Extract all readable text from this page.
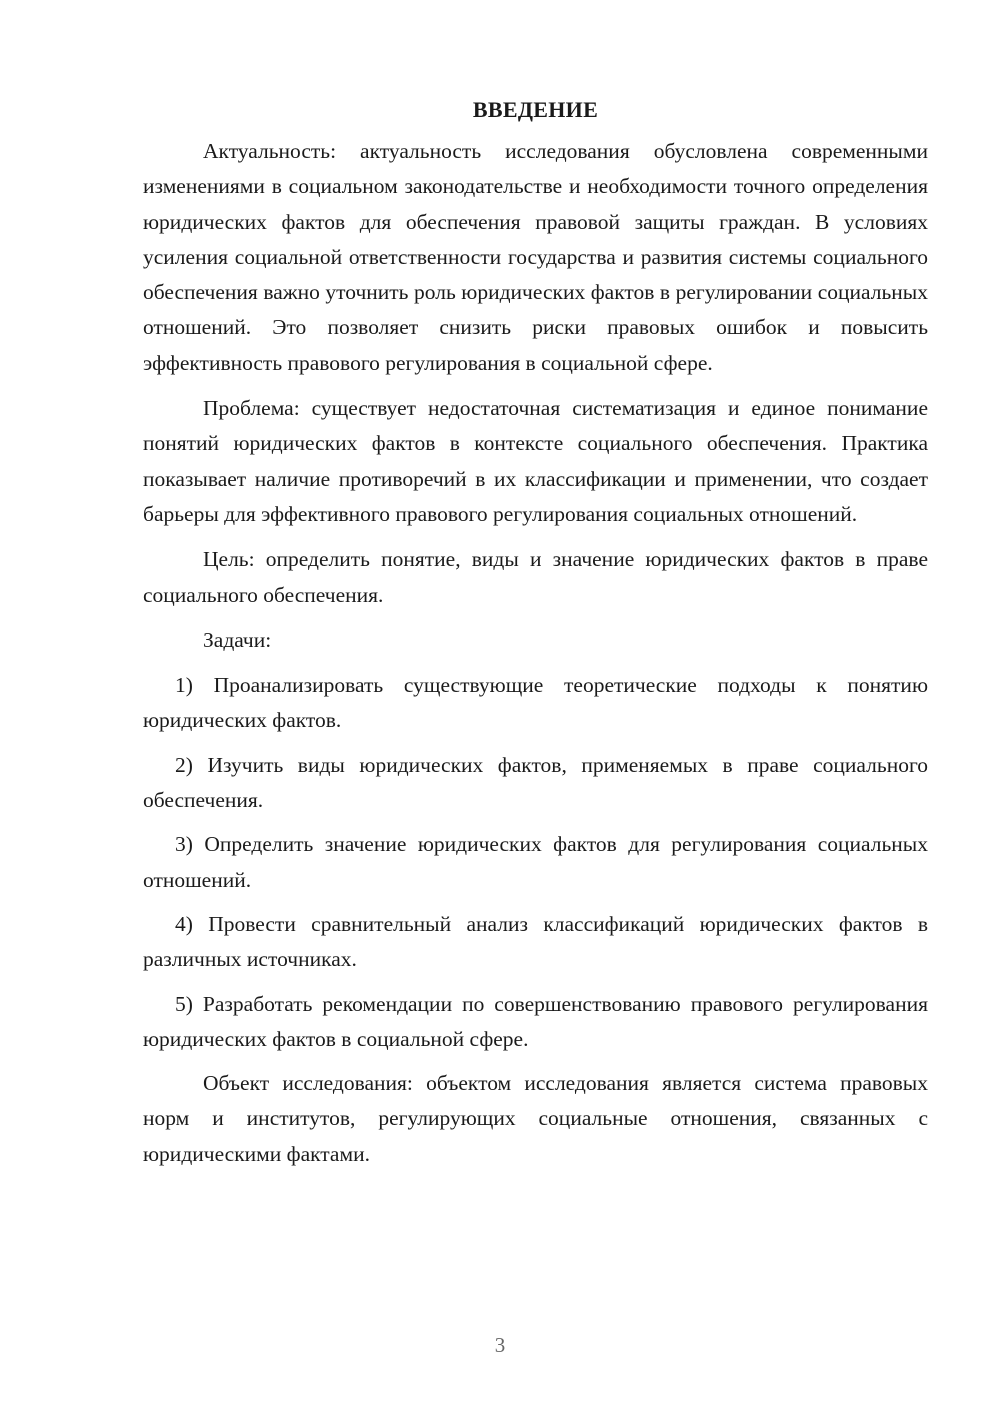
ВВЕДЕНИЕ

Актуальность: актуальность исследования обусловлена современными изменениями в социальном законодательстве и необходимости точного определения юридических фактов для обеспечения правовой защиты граждан. В условиях усиления социальной ответственности государства и развития системы социального обеспечения важно уточнить роль юридических фактов в регулировании социальных отношений. Это позволяет снизить риски правовых ошибок и повысить эффективность правового регулирования в социальной сфере.

Проблема: существует недостаточная систематизация и единое понимание понятий юридических фактов в контексте социального обеспечения. Практика показывает наличие противоречий в их классификации и применении, что создает барьеры для эффективного правового регулирования социальных отношений.

Цель: определить понятие, виды и значение юридических фактов в праве социального обеспечения.

Задачи:

1) Проанализировать существующие теоретические подходы к понятию юридических фактов.

2) Изучить виды юридических фактов, применяемых в праве социального обеспечения.

3) Определить значение юридических фактов для регулирования социальных отношений.

4) Провести сравнительный анализ классификаций юридических фактов в различных источниках.

5) Разработать рекомендации по совершенствованию правового регулирования юридических фактов в социальной сфере.

Объект исследования: объектом исследования является система правовых норм и институтов, регулирующих социальные отношения, связанных с юридическими фактами.

3
